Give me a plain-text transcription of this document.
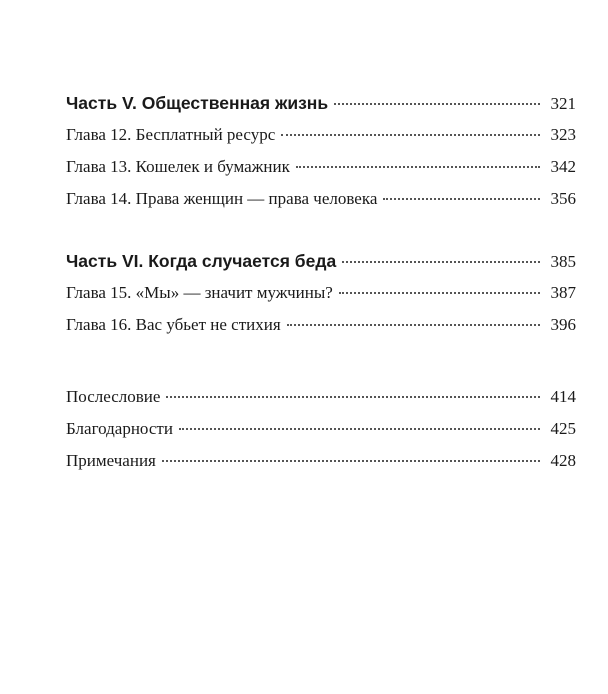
Часть V. Общественная жизнь	321
Глава 12. Бесплатный ресурс	323
Глава 13. Кошелек и бумажник	342
Глава 14. Права женщин — права человека	356
Часть VI. Когда случается беда	385
Глава 15. «Мы» — значит мужчины?	387
Глава 16. Вас убьет не стихия	396
Послесловие	414
Благодарности	425
Примечания	428
